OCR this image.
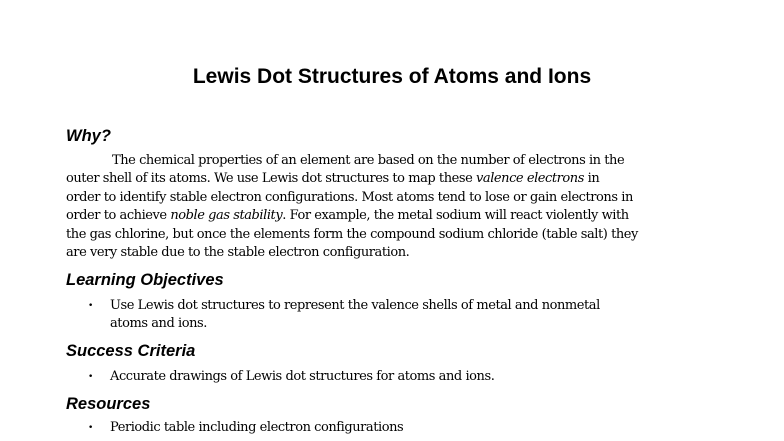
Lewis Dot Structures of Atoms and Ions
Why?
The chemical properties of an element are based on the number of electrons in the
outer shell of its atoms. We use Lewis dot structures to map these valence electrons in
order to identify stable electron configurations. Most atoms tend to lose or gain electrons in
order to achieve noble gas stability. For example, the metal sodium will react violently with
the gas chlorine, but once the elements form the compound sodium chloride (table salt) they
are very stable due to the stable electron configuration.
Learning Objectives
• Use Lewis dot structures to represent the valence shells of metal and nonmetal
atoms and ions.
Success Criteria
• Accurate drawings of Lewis dot structures for atoms and ions.
Resources
• Periodic table including electron configurations
